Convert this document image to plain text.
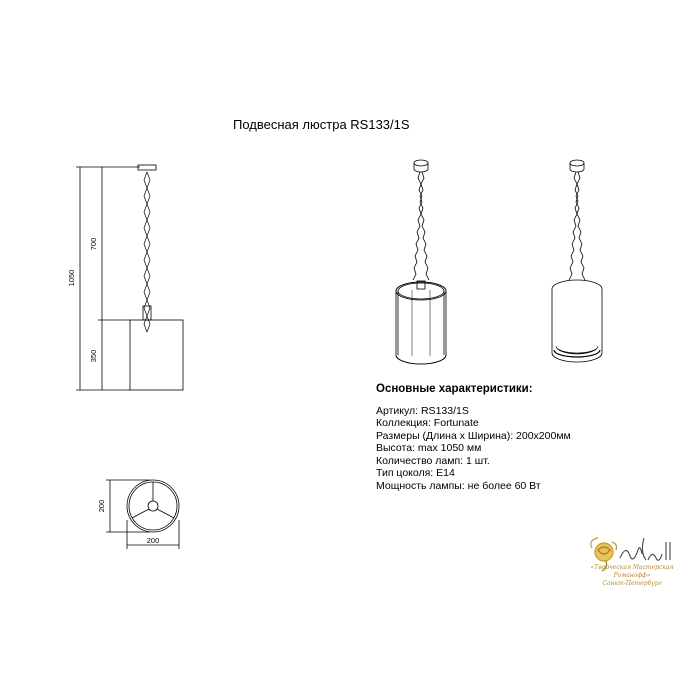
Подвесная люстра RS133/1S
1050
700
350
200
200
Основные характеристики:
Артикул: RS133/1S
Коллекция: Fortunate
Размеры (Длина х Ширина): 200x200мм
Высота: max 1050 мм
Количество ламп: 1 шт.
Тип цоколя: E14
Мощность лампы: не более 60 Вт
«Творческая Мастерская Романофф»
Санкт-Петербург
